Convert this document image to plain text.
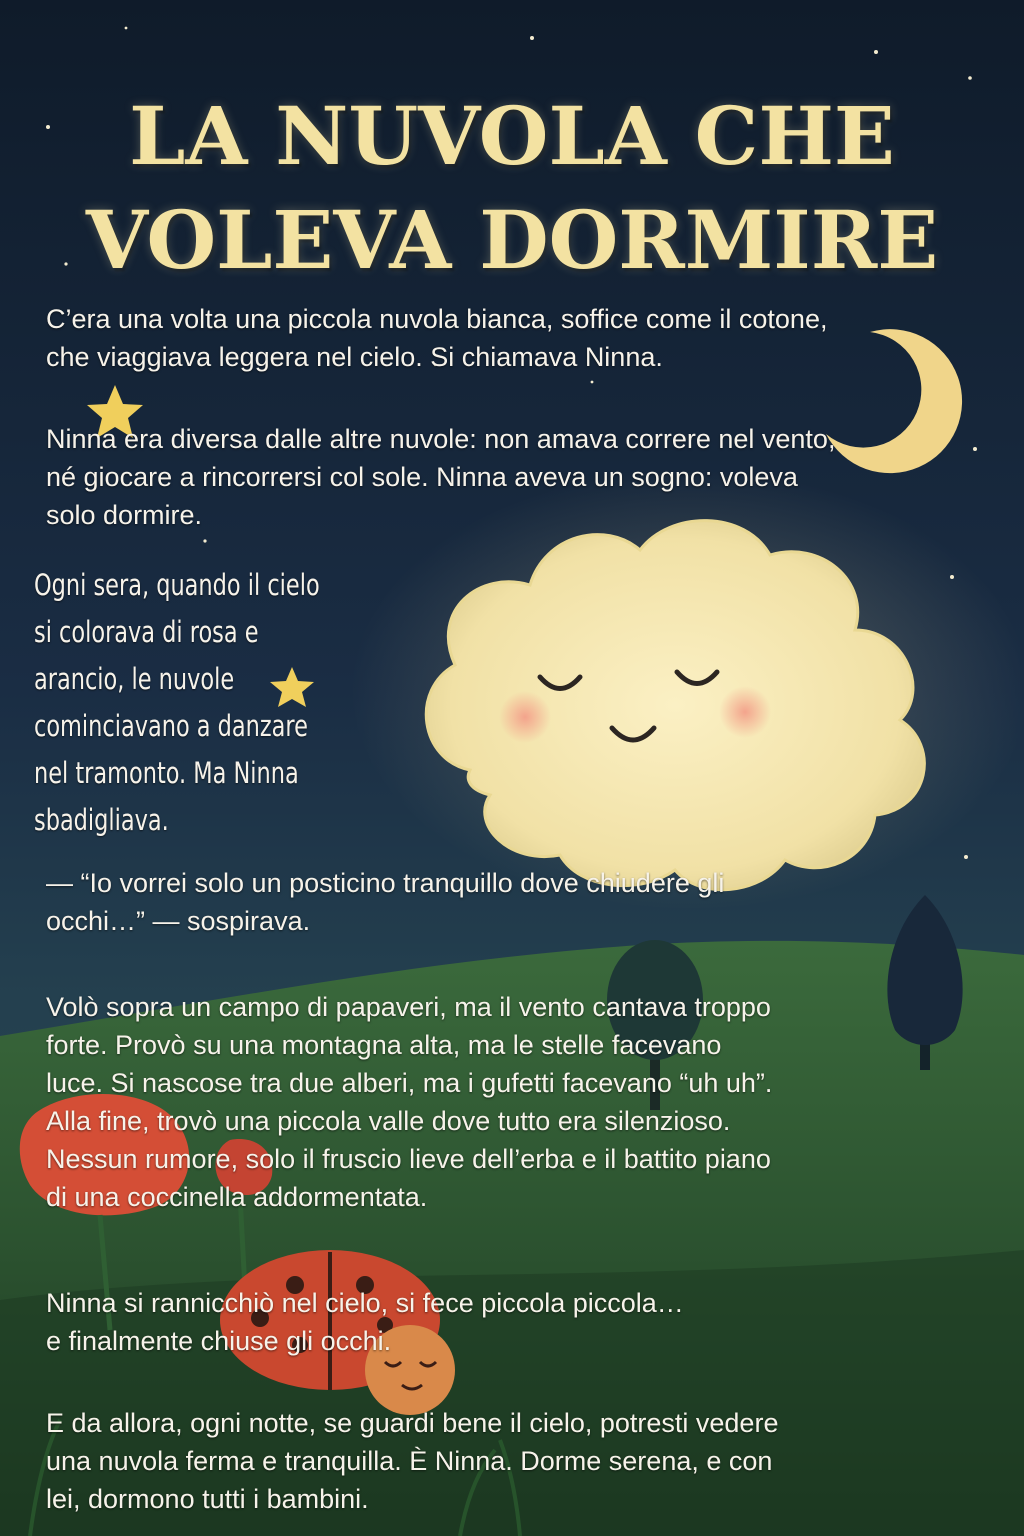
LA NUVOLA CHE
VOLEVA DORMIRE
C’era una volta una piccola nuvola bianca, soffice come il cotone,
che viaggiava leggera nel cielo. Si chiamava Ninna.
Ninna era diversa dalle altre nuvole: non amava correre nel vento,
né giocare a rincorrersi col sole. Ninna aveva un sogno: voleva
solo dormire.
Ogni sera, quando il cielo
si colorava di rosa e
arancio, le nuvole
cominciavano a danzare
nel tramonto. Ma Ninna
sbadigliava.
— “Io vorrei solo un posticino tranquillo dove chiudere gli
occhi…” — sospirava.
Volò sopra un campo di papaveri, ma il vento cantava troppo
forte. Provò su una montagna alta, ma le stelle facevano
luce. Si nascose tra due alberi, ma i gufetti facevano “uh uh”.
Alla fine, trovò una piccola valle dove tutto era silenzioso.
Nessun rumore, solo il fruscio lieve dell’erba e il battito piano
di una coccinella addormentata.
Ninna si rannicchiò nel cielo, si fece piccola piccola…
e finalmente chiuse gli occhi.
E da allora, ogni notte, se guardi bene il cielo, potresti vedere
una nuvola ferma e tranquilla. È Ninna. Dorme serena, e con
lei, dormono tutti i bambini.
